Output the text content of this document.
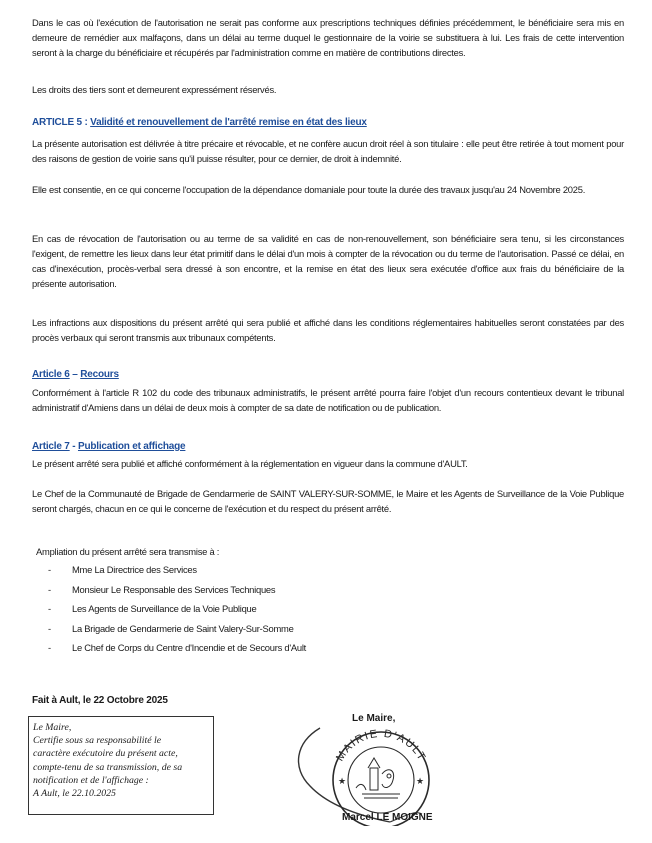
Dans le cas où l'exécution de l'autorisation ne serait pas conforme aux prescriptions techniques définies précédemment, le bénéficiaire sera mis en demeure de remédier aux malfaçons, dans un délai au terme duquel le gestionnaire de la voirie se substituera à lui. Les frais de cette intervention seront à la charge du bénéficiaire et récupérés par l'administration comme en matière de contributions directes.

Les droits des tiers sont et demeurent expressément réservés.

ARTICLE 5 : Validité et renouvellement de l'arrêté remise en état des lieux

La présente autorisation est délivrée à titre précaire et révocable, et ne confère aucun droit réel à son titulaire : elle peut être retirée à tout moment pour des raisons de gestion de voirie sans qu'il puisse résulter, pour ce dernier, de droit à indemnité.

Elle est consentie, en ce qui concerne l'occupation de la dépendance domaniale pour toute la durée des travaux jusqu'au 24 Novembre 2025.

En cas de révocation de l'autorisation ou au terme de sa validité en cas de non-renouvellement, son bénéficiaire sera tenu, si les circonstances l'exigent, de remettre les lieux dans leur état primitif dans le délai d'un mois à compter de la révocation ou du terme de l'autorisation. Passé ce délai, en cas d'inexécution, procès-verbal sera dressé à son encontre, et la remise en état des lieux sera exécutée d'office aux frais du bénéficiaire de la présente autorisation.

Les infractions aux dispositions du présent arrêté qui sera publié et affiché dans les conditions réglementaires habituelles seront constatées par des procès verbaux qui seront transmis aux tribunaux compétents.

Article 6 – Recours

Conformément à l'article R 102 du code des tribunaux administratifs, le présent arrêté pourra faire l'objet d'un recours contentieux devant le tribunal administratif d'Amiens dans un délai de deux mois à compter de sa date de notification ou de publication.

Article 7 - Publication et affichage

Le présent arrêté sera publié et affiché conformément à la réglementation en vigueur dans la commune d'AULT.

Le Chef de la Communauté de Brigade de Gendarmerie de SAINT VALERY-SUR-SOMME, le Maire et les Agents de Surveillance de la Voie Publique seront chargés, chacun en ce qui le concerne de l'exécution et du respect du présent arrêté.

Ampliation du présent arrêté sera transmise à :

- Mme La Directrice des Services
- Monsieur Le Responsable des Services Techniques
- Les Agents de Surveillance de la Voie Publique
- La Brigade de Gendarmerie de Saint Valery-Sur-Somme
- Le Chef de Corps du Centre d'Incendie et de Secours d'Ault
Fait à Ault, le 22 Octobre 2025
Le Maire,
Certifie sous sa responsabilité le
caractère exécutoire du présent acte,
compte-tenu de sa transmission, de sa
notification et de l'affichage :
A Ault, le 22.10.2025
Le Maire,
MAIRIE D'AULT
★	★
Marcel LE MOIGNE
